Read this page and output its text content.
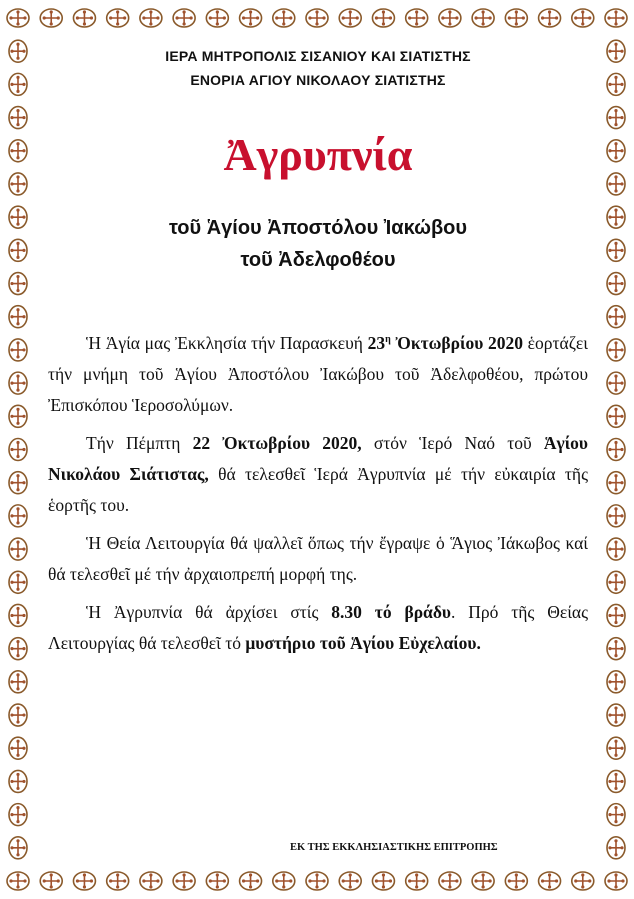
ΙΕΡΑ ΜΗΤΡΟΠΟΛΙΣ ΣΙΣΑΝΙΟΥ ΚΑΙ ΣΙΑΤΙΣΤΗΣ
ΕΝΟΡΙΑ ΑΓΙΟΥ ΝΙΚΟΛΑΟΥ ΣΙΑΤΙΣΤΗΣ
Ἀγρυπνία
τοῦ Ἁγίου Ἀποστόλου Ἰακώβου
τοῦ Ἀδελφοθέου

Ἡ Ἁγία μας Ἐκκλησία τήν Παρασκευή $23^\eta$ Ὀκτωβρίου 2020 ἑορτάζει τήν μνήμη τοῦ Ἁγίου Ἀποστόλου Ἰακώβου τοῦ Ἀδελφοθέου, πρώτου Ἐπισκόπου Ἱεροσολύμων.

Τήν Πέμπτη 22 Ὀκτωβρίου 2020, στόν Ἱερό Ναό τοῦ Ἁγίου Νικολάου Σιάτιστας, θά τελεσθεῖ Ἱερά Ἀγρυπνία μέ τήν εὐκαιρία τῆς ἑορτῆς του.

Ἡ Θεία Λειτουργία θά ψαλλεῖ ὅπως τήν ἔγραψε ὁ Ἅγιος Ἰάκωβος καί θά τελεσθεῖ μέ τήν ἀρχαιοπρεπή μορφή της.

Ἡ Ἀγρυπνία θά ἀρχίσει στίς 8.30 τό βράδυ. Πρό τῆς Θείας Λειτουργίας θά τελεσθεῖ τό μυστήριο τοῦ Ἁγίου Εὐχελαίου.

ΕΚ ΤΗΣ ΕΚΚΛΗΣΙΑΣΤΙΚΗΣ ΕΠΙΤΡΟΠΗΣ
